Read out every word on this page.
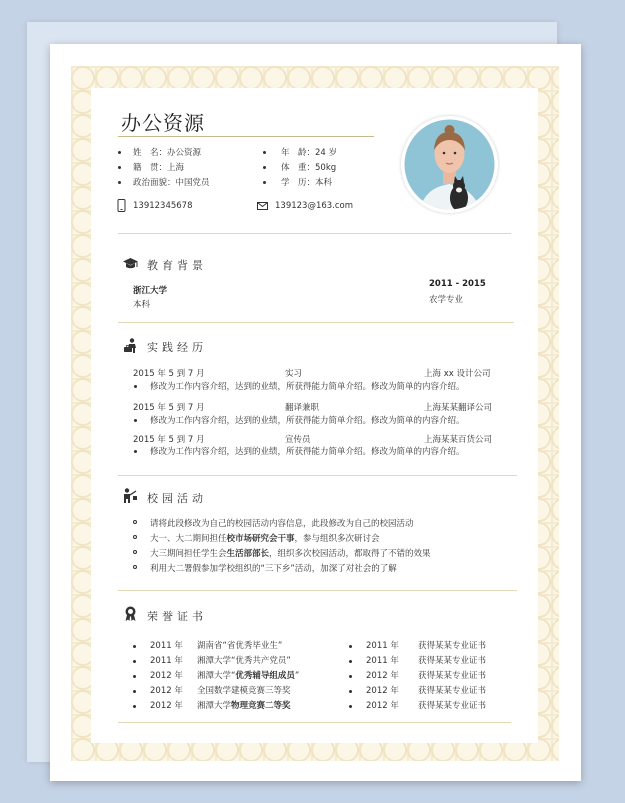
办公资源
姓　名：办公资源
籍　贯：上海
政治面貌：中国党员
年　龄：24 岁
体　重：50kg
学　历：本科
13912345678	139123@163.com
教育背景
浙江大学
本科
2011 - 2015
农学专业
实践经历
2015 年 5 到 7 月	实习	上海 xx 设计公司
修改为工作内容介绍，达到的业绩，所获得能力简单介绍。修改为简单的内容介绍。
2015 年 5 到 7 月	翻译兼职	上海某某翻译公司
修改为工作内容介绍，达到的业绩，所获得能力简单介绍。修改为简单的内容介绍。
2015 年 5 到 7 月	宣传员	上海某某百货公司
修改为工作内容介绍，达到的业绩，所获得能力简单介绍。修改为简单的内容介绍。
校园活动
请将此段修改为自己的校园活动内容信息，此段修改为自己的校园活动
大一、大二期间担任校市场研究会干事，参与组织多次研讨会
大三期间担任学生会生活部部长，组织多次校园活动，都取得了不错的效果
利用大二署假参加学校组织的“三下乡”活动，加深了对社会的了解
荣誉证书
2011 年 湖南省“省优秀毕业生”
2011 年 湘潭大学“优秀共产党员”
2012 年 湘潭大学“优秀辅导组成员”
2012 年 全国数学建模竞赛三等奖
2012 年 湘潭大学物理竞赛二等奖
2011 年 获得某某专业证书
2011 年 获得某某专业证书
2012 年 获得某某专业证书
2012 年 获得某某专业证书
2012 年 获得某某专业证书
